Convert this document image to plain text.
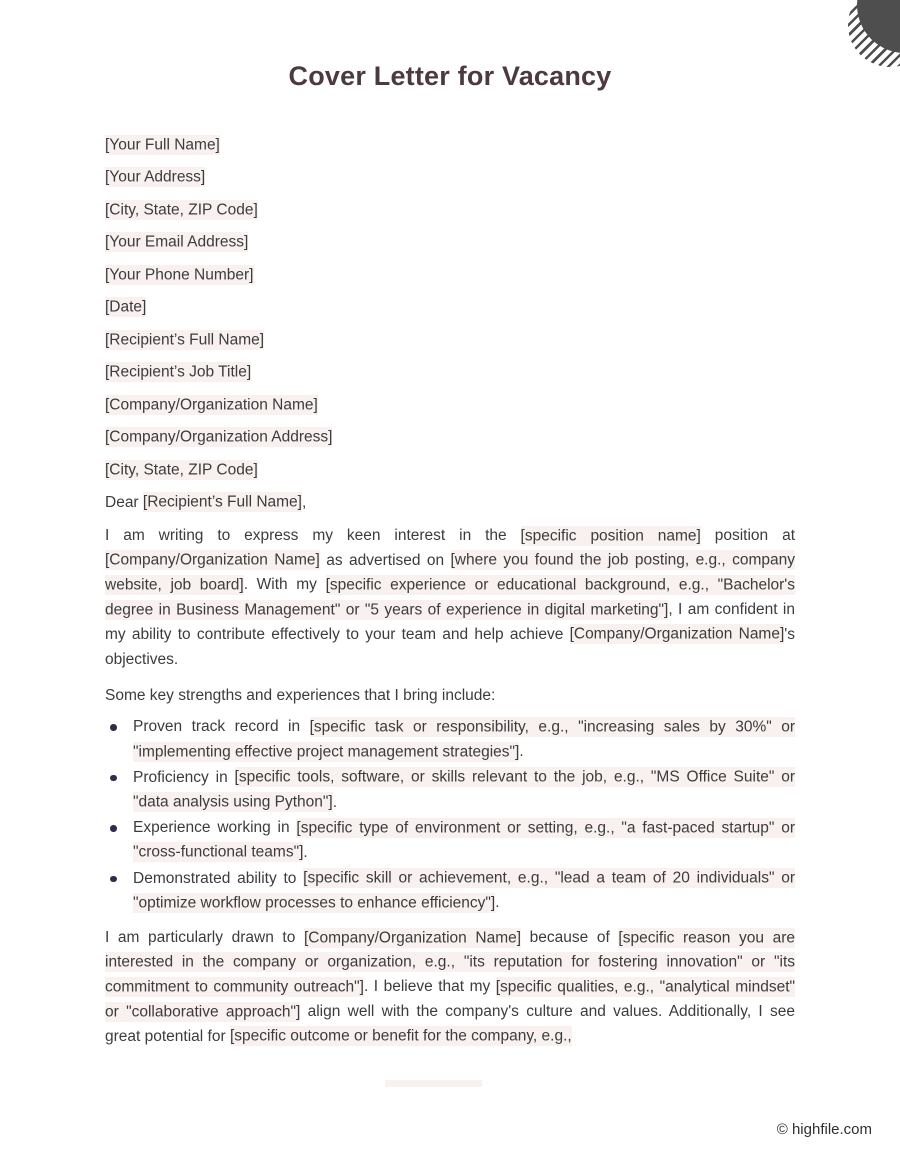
Cover Letter for Vacancy

[Your Full Name]

[Your Address]

[City, State, ZIP Code]

[Your Email Address]

[Your Phone Number]

[Date]

[Recipient’s Full Name]

[Recipient’s Job Title]

[Company/Organization Name]

[Company/Organization Address]

[City, State, ZIP Code]

Dear [Recipient’s Full Name],

I am writing to express my keen interest in the [specific position name] position at [Company/Organization Name] as advertised on [where you found the job posting, e.g., company website, job board]. With my [specific experience or educational background, e.g., "Bachelor's degree in Business Management" or "5 years of experience in digital marketing"], I am confident in my ability to contribute effectively to your team and help achieve [Company/Organization Name]'s objectives.

Some key strengths and experiences that I bring include:

Proven track record in [specific task or responsibility, e.g., "increasing sales by 30%" or "implementing effective project management strategies"].
Proficiency in [specific tools, software, or skills relevant to the job, e.g., "MS Office Suite" or "data analysis using Python"].
Experience working in [specific type of environment or setting, e.g., "a fast-paced startup" or "cross-functional teams"].
Demonstrated ability to [specific skill or achievement, e.g., "lead a team of 20 individuals" or "optimize workflow processes to enhance efficiency"].

I am particularly drawn to [Company/Organization Name] because of [specific reason you are interested in the company or organization, e.g., "its reputation for fostering innovation" or "its commitment to community outreach"]. I believe that my [specific qualities, e.g., "analytical mindset" or "collaborative approach"] align well with the company's culture and values. Additionally, I see great potential for [specific outcome or benefit for the company, e.g.,

© highfile.com
